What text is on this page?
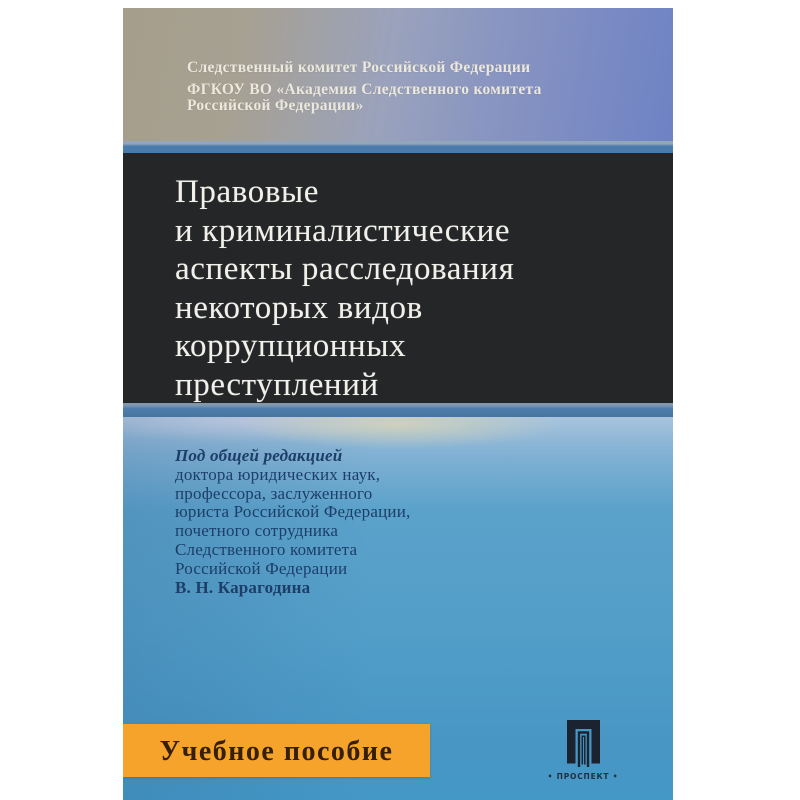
Следственный комитет Российской Федерации
ФГКОУ ВО «Академия Следственного комитета
Российской Федерации»
Правовые
и криминалистические
аспекты расследования
некоторых видов
коррупционных
преступлений
Под общей редакцией
доктора юридических наук,
профессора, заслуженного
юриста Российской Федерации,
почетного сотрудника
Следственного комитета
Российской Федерации
В. Н. Карагодина
Учебное пособие
• ПРОСПЕКТ •
